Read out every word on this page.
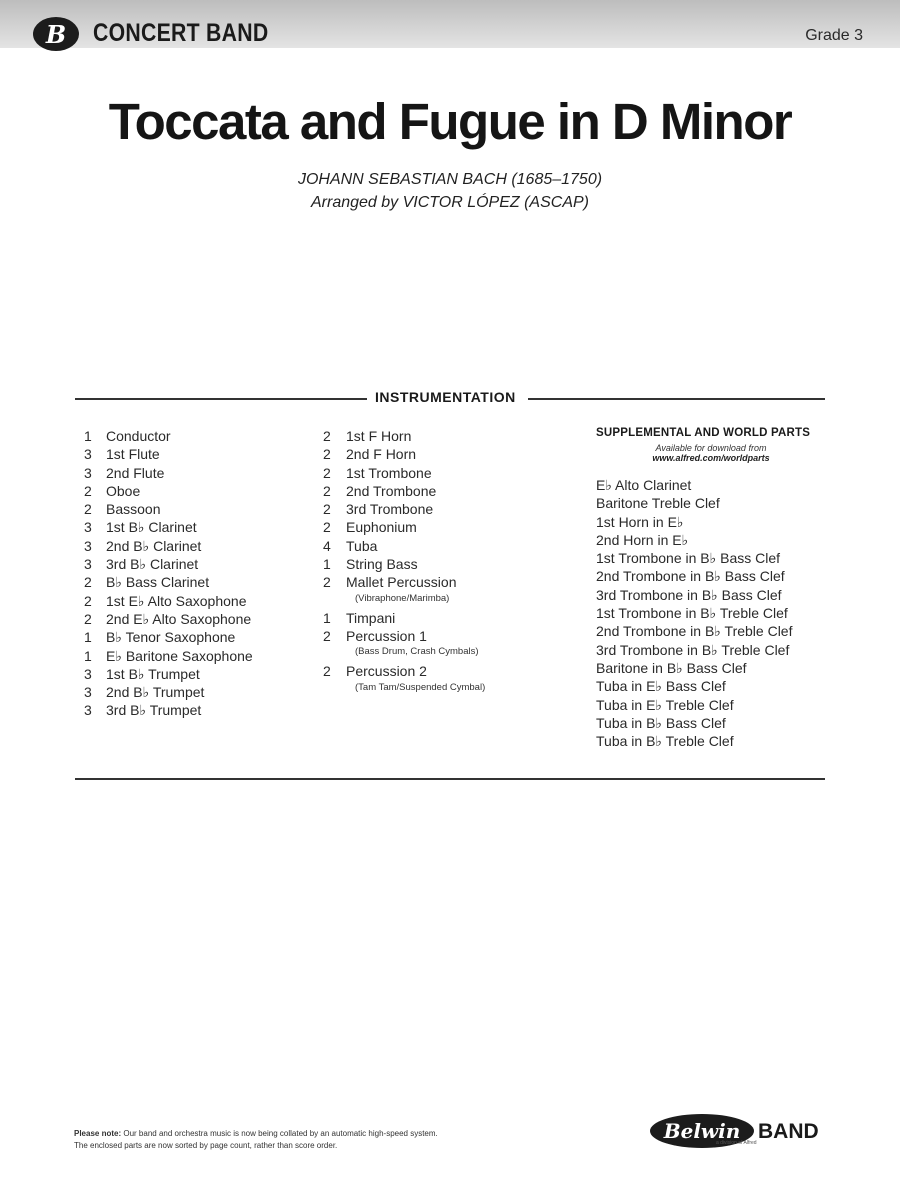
B CONCERT BAND	Grade 3
Toccata and Fugue in D Minor
JOHANN SEBASTIAN BACH (1685–1750)
Arranged by VICTOR LÓPEZ (ASCAP)
INSTRUMENTATION
1	Conductor
3	1st Flute
3	2nd Flute
2	Oboe
2	Bassoon
3	1st B♭ Clarinet
3	2nd B♭ Clarinet
3	3rd B♭ Clarinet
2	B♭ Bass Clarinet
2	1st E♭ Alto Saxophone
2	2nd E♭ Alto Saxophone
1	B♭ Tenor Saxophone
1	E♭ Baritone Saxophone
3	1st B♭ Trumpet
3	2nd B♭ Trumpet
3	3rd B♭ Trumpet
2	1st F Horn
2	2nd F Horn
2	1st Trombone
2	2nd Trombone
2	3rd Trombone
2	Euphonium
4	Tuba
1	String Bass
2	Mallet Percussion
(Vibraphone/Marimba)
1	Timpani
2	Percussion 1
(Bass Drum, Crash Cymbals)
2	Percussion 2
(Tam Tam/Suspended Cymbal)
SUPPLEMENTAL AND WORLD PARTS
Available for download from
www.alfred.com/worldparts
E♭ Alto Clarinet
Baritone Treble Clef
1st Horn in E♭
2nd Horn in E♭
1st Trombone in B♭ Bass Clef
2nd Trombone in B♭ Bass Clef
3rd Trombone in B♭ Bass Clef
1st Trombone in B♭ Treble Clef
2nd Trombone in B♭ Treble Clef
3rd Trombone in B♭ Treble Clef
Baritone in B♭ Bass Clef
Tuba in E♭ Bass Clef
Tuba in E♭ Treble Clef
Tuba in B♭ Bass Clef
Tuba in B♭ Treble Clef
Please note: Our band and orchestra music is now being collated by an automatic high-speed system.
The enclosed parts are now sorted by page count, rather than score order.
Belwin BAND
a division of Alfred
